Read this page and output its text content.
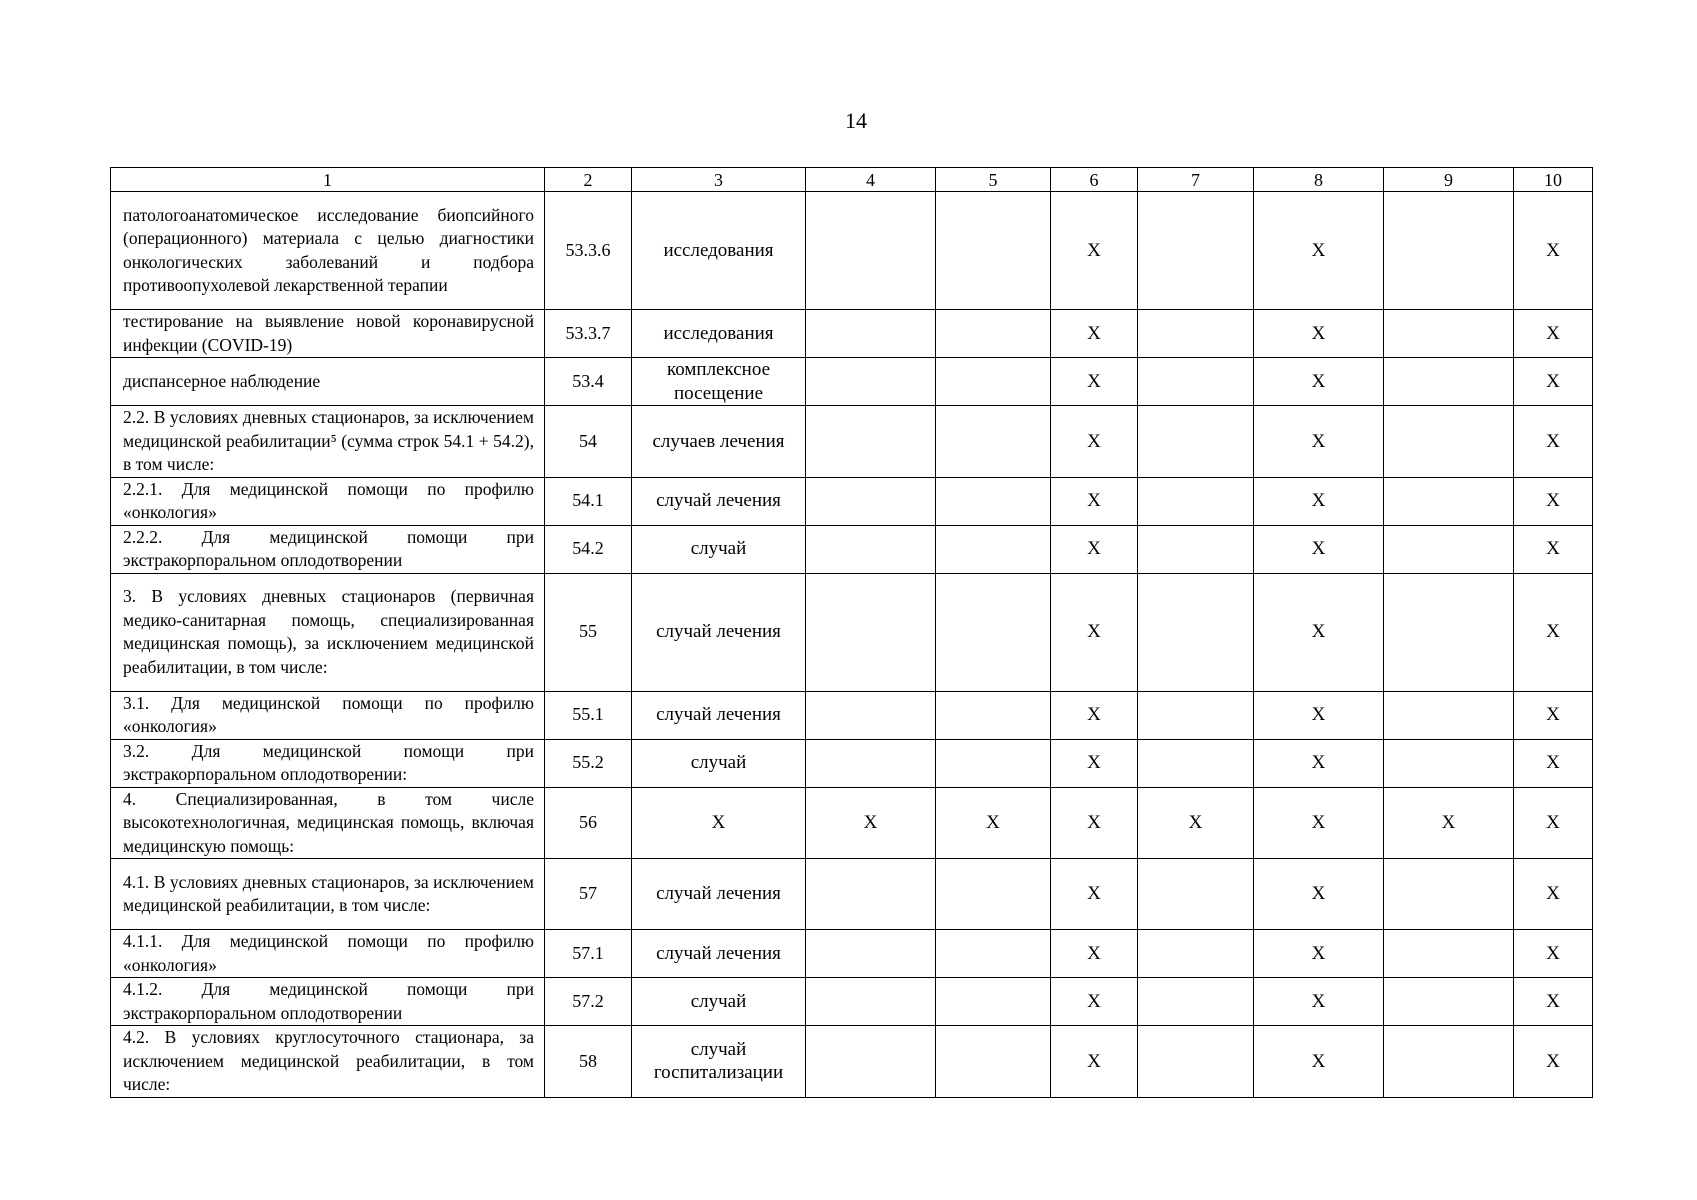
14
1	2	3	4	5	6	7	8	9	10
патологоанатомическое исследование биопсийного (операционного) материала с целью диагностики онкологических заболеваний и подбора противоопухолевой лекарственной терапии	53.3.6	исследования			X		X		X
тестирование на выявление новой коронавирусной инфекции (COVID-19)	53.3.7	исследования			X		X		X
диспансерное наблюдение	53.4	комплексное посещение			X		X		X
2.2. В условиях дневных стационаров, за исключением медицинской реабилитации⁵ (сумма строк 54.1 + 54.2), в том числе:	54	случаев лечения			X		X		X
2.2.1. Для медицинской помощи по профилю «онкология»	54.1	случай лечения			X		X		X
2.2.2. Для медицинской помощи при экстракорпоральном оплодотворении	54.2	случай			X		X		X
3. В условиях дневных стационаров (первичная медико-санитарная помощь, специализированная медицинская помощь), за исключением медицинской реабилитации, в том числе:	55	случай лечения			X		X		X
3.1. Для медицинской помощи по профилю «онкология»	55.1	случай лечения			X		X		X
3.2. Для медицинской помощи при экстракорпоральном оплодотворении:	55.2	случай			X		X		X
4. Специализированная, в том числе высокотехнологичная, медицинская помощь, включая медицинскую помощь:	56	X	X	X	X	X	X	X	X
4.1. В условиях дневных стационаров, за исключением медицинской реабилитации, в том числе:	57	случай лечения			X		X		X
4.1.1. Для медицинской помощи по профилю «онкология»	57.1	случай лечения			X		X		X
4.1.2. Для медицинской помощи при экстракорпоральном оплодотворении	57.2	случай			X		X		X
4.2. В условиях круглосуточного стационара, за исключением медицинской реабилитации, в том числе:	58	случай госпитализации			X		X		X
